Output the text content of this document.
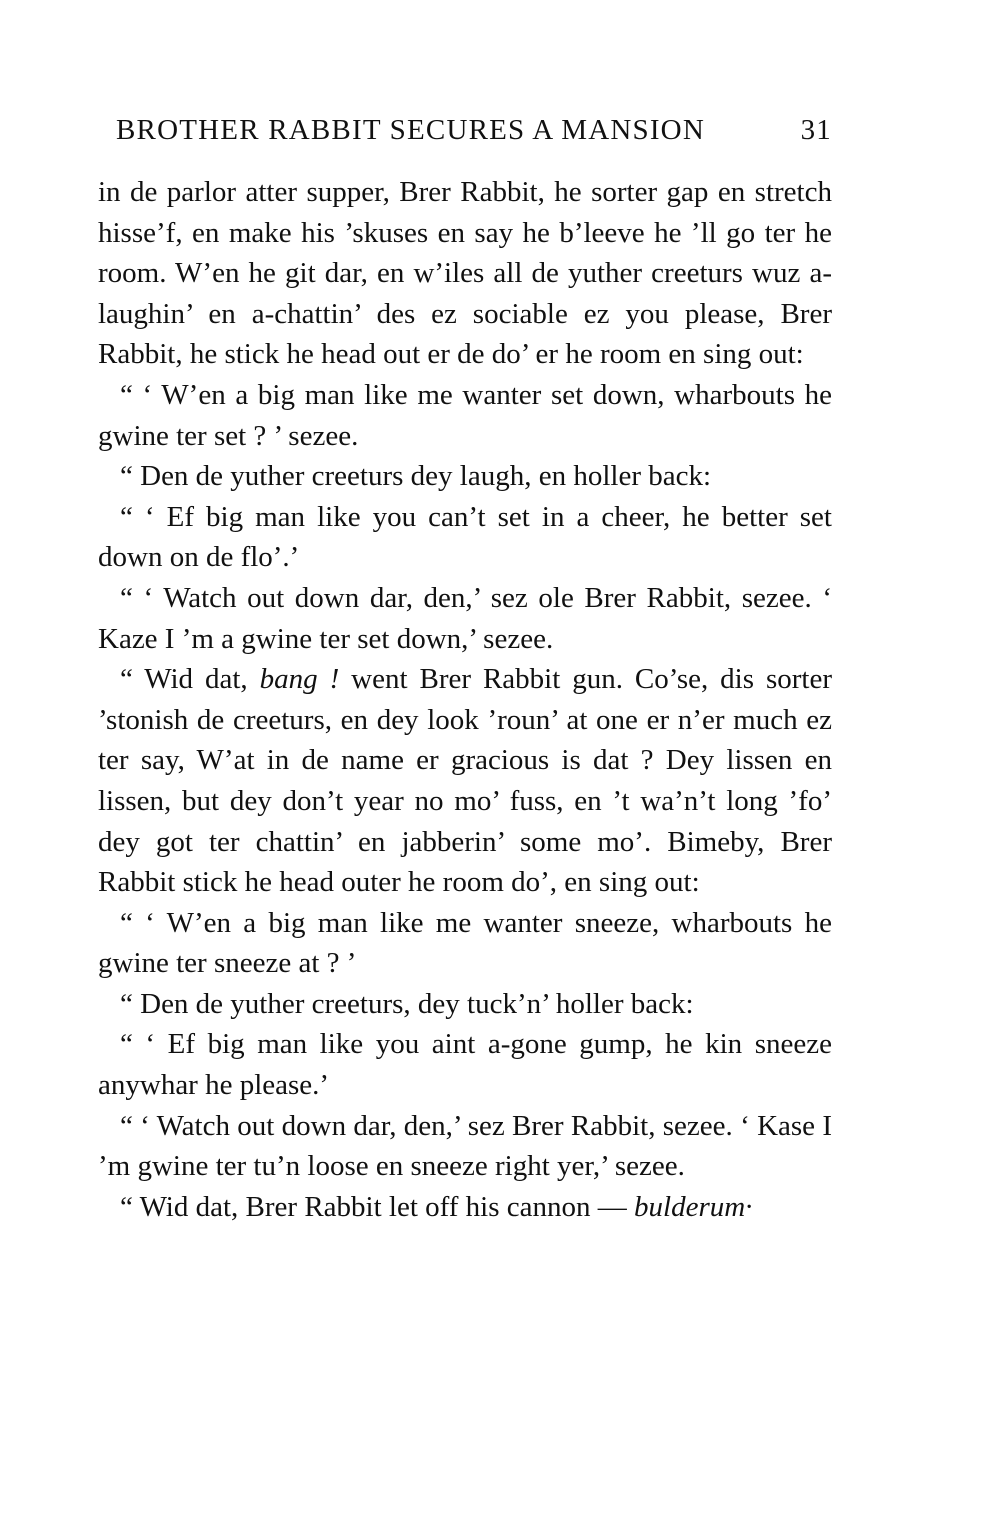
BROTHER RABBIT SECURES A MANSION	31

in de parlor atter supper, Brer Rabbit, he sorter gap en stretch hisse’f, en make his ’skuses en say he b’leeve he ’ll go ter he room. W’en he git dar, en w’iles all de yuther creeturs wuz a-laughin’ en a-chattin’ des ez sociable ez you please, Brer Rabbit, he stick he head out er de do’ er he room en sing out:

“ ‘ W’en a big man like me wanter set down, wharbouts he gwine ter set ? ’ sezee.

“ Den de yuther creeturs dey laugh, en holler back:

“ ‘ Ef big man like you can’t set in a cheer, he better set down on de flo’.’

“ ‘ Watch out down dar, den,’ sez ole Brer Rabbit, sezee. ‘ Kaze I ’m a gwine ter set down,’ sezee.

“ Wid dat, bang ! went Brer Rabbit gun. Co’se, dis sorter ’stonish de creeturs, en dey look ’roun’ at one er n’er much ez ter say, W’at in de name er gracious is dat ? Dey lissen en lissen, but dey don’t year no mo’ fuss, en ’t wa’n’t long ’fo’ dey got ter chattin’ en jabberin’ some mo’. Bimeby, Brer Rabbit stick he head outer he room do’, en sing out:

“ ‘ W’en a big man like me wanter sneeze, wharbouts he gwine ter sneeze at ? ’

“ Den de yuther creeturs, dey tuck’n’ holler back:

“ ‘ Ef big man like you aint a-gone gump, he kin sneeze anywhar he please.’

“ ‘ Watch out down dar, den,’ sez Brer Rabbit, sezee. ‘ Kase I ’m gwine ter tu’n loose en sneeze right yer,’ sezee.

“ Wid dat, Brer Rabbit let off his cannon — bulderum·
